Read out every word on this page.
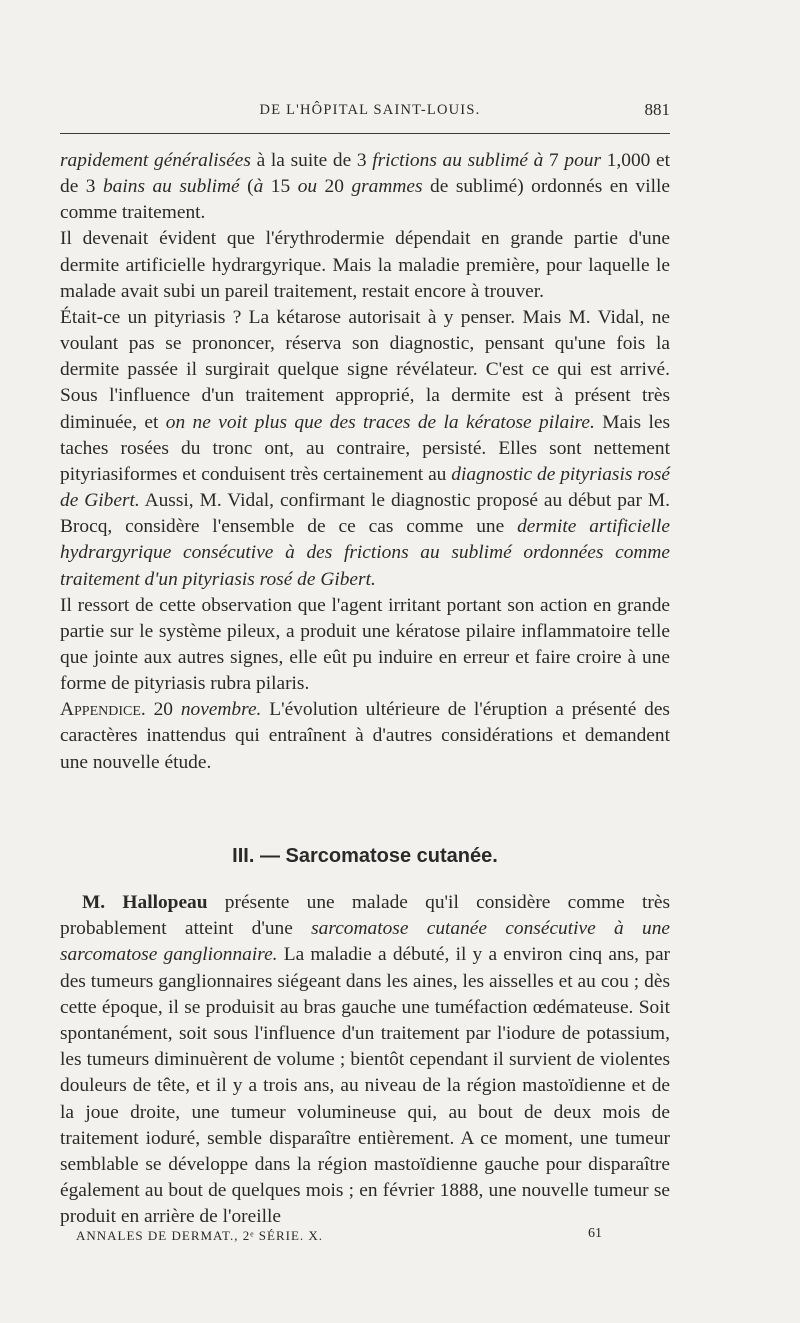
DE L'HÔPITAL SAINT-LOUIS.	881

rapidement généralisées à la suite de 3 frictions au sublimé à 7 pour 1,000 et de 3 bains au sublimé (à 15 ou 20 grammes de sublimé) ordonnés en ville comme traitement.

Il devenait évident que l'érythrodermie dépendait en grande partie d'une dermite artificielle hydrargyrique. Mais la maladie première, pour laquelle le malade avait subi un pareil traitement, restait encore à trouver.

Était-ce un pityriasis ? La kétarose autorisait à y penser. Mais M. Vidal, ne voulant pas se prononcer, réserva son diagnostic, pensant qu'une fois la dermite passée il surgirait quelque signe révélateur. C'est ce qui est arrivé. Sous l'influence d'un traitement approprié, la dermite est à présent très diminuée, et on ne voit plus que des traces de la kératose pilaire. Mais les taches rosées du tronc ont, au contraire, persisté. Elles sont nettement pityriasiformes et conduisent très certainement au diagnostic de pityriasis rosé de Gibert. Aussi, M. Vidal, confirmant le diagnostic proposé au début par M. Brocq, considère l'ensemble de ce cas comme une dermite artificielle hydrargyrique consécutive à des frictions au sublimé ordonnées comme traitement d'un pityriasis rosé de Gibert.

Il ressort de cette observation que l'agent irritant portant son action en grande partie sur le système pileux, a produit une kératose pilaire inflammatoire telle que jointe aux autres signes, elle eût pu induire en erreur et faire croire à une forme de pityriasis rubra pilaris.

Appendice. 20 novembre. L'évolution ultérieure de l'éruption a présenté des caractères inattendus qui entraînent à d'autres considérations et demandent une nouvelle étude.

III. — Sarcomatose cutanée.

M. Hallopeau présente une malade qu'il considère comme très probablement atteint d'une sarcomatose cutanée consécutive à une sarcomatose ganglionnaire. La maladie a débuté, il y a environ cinq ans, par des tumeurs ganglionnaires siégeant dans les aines, les aisselles et au cou ; dès cette époque, il se produisit au bras gauche une tuméfaction œdémateuse. Soit spontanément, soit sous l'influence d'un traitement par l'iodure de potassium, les tumeurs diminuèrent de volume ; bientôt cependant il survient de violentes douleurs de tête, et il y a trois ans, au niveau de la région mastoïdienne et de la joue droite, une tumeur volumineuse qui, au bout de deux mois de traitement ioduré, semble disparaître entièrement. A ce moment, une tumeur semblable se développe dans la région mastoïdienne gauche pour disparaître également au bout de quelques mois ; en février 1888, une nouvelle tumeur se produit en arrière de l'oreille

ANNALES DE DERMAT., 2ᵉ SÉRIE. X.	61
